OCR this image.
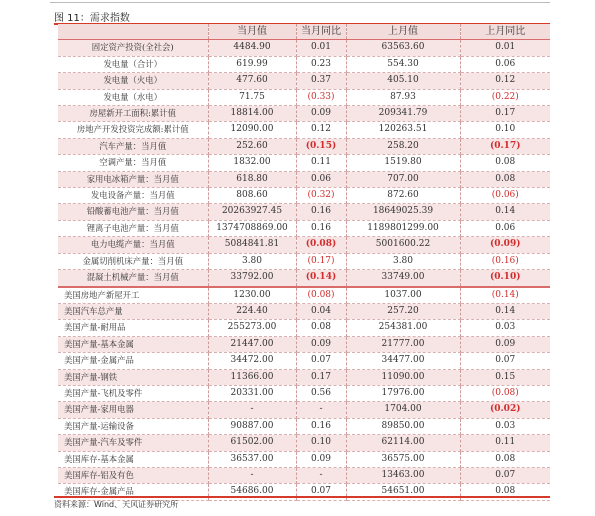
图 11：需求指数
	当月值	当月同比	上月值	上月同比
固定资产投资(全社会)	4484.90	0.01	63563.60	0.01
发电量（合计）	619.99	0.23	554.30	0.06
发电量（火电）	477.60	0.37	405.10	0.12
发电量（水电）	71.75	(0.33)	87.93	(0.22)
房屋新开工面积:累计值	18814.00	0.09	209341.79	0.17
房地产开发投资完成额:累计值	12090.00	0.12	120263.51	0.10
汽车产量：当月值	252.60	(0.15)	258.20	(0.17)
空调产量：当月值	1832.00	0.11	1519.80	0.08
家用电冰箱产量：当月值	618.80	0.06	707.00	0.08
发电设备产量：当月值	808.60	(0.32)	872.60	(0.06)
铅酸蓄电池产量：当月值	20263927.45	0.16	18649025.39	0.14
锂离子电池产量：当月值	1374708869.00	0.16	1189801299.00	0.06
电力电缆产量：当月值	5084841.81	(0.08)	5001600.22	(0.09)
金属切削机床产量：当月值	3.80	(0.17)	3.80	(0.16)
混凝土机械产量：当月值	33792.00	(0.14)	33749.00	(0.10)
美国房地产新屋开工	1230.00	(0.08)	1037.00	(0.14)
美国汽车总产量	224.40	0.04	257.20	0.14
美国产量-耐用品	255273.00	0.08	254381.00	0.03
美国产量-基本金属	21447.00	0.09	21777.00	0.09
美国产量-金属产品	34472.00	0.07	34477.00	0.07
美国产量-钢铁	11366.00	0.17	11090.00	0.15
美国产量-飞机及零件	20331.00	0.56	17976.00	(0.08)
美国产量-家用电器	-	-	1704.00	(0.02)
美国产量-运输设备	90887.00	0.16	89850.00	0.03
美国产量-汽车及零件	61502.00	0.10	62114.00	0.11
美国库存-基本金属	36537.00	0.09	36575.00	0.08
美国库存-铝及有色	-	-	13463.00	0.07
美国库存-金属产品	54686.00	0.07	54651.00	0.08
资料来源：Wind、天风证券研究所
